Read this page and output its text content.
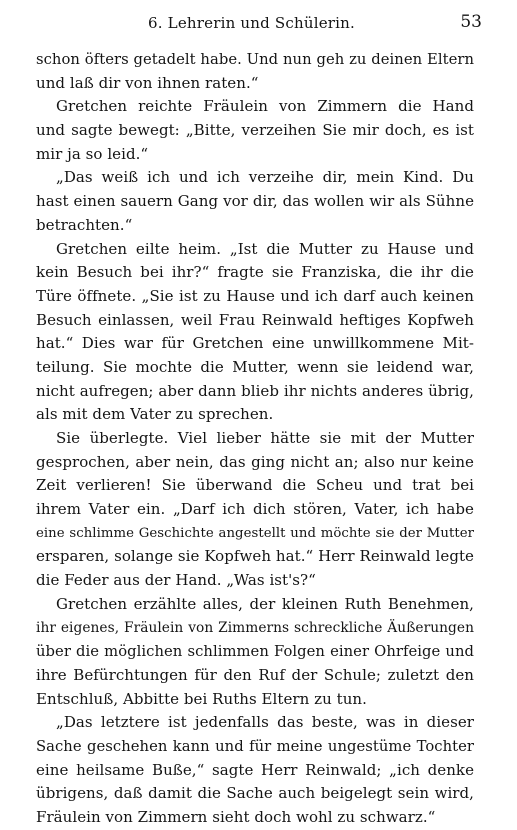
6. Lehrerin und Schülerin.	53
schon öfters getadelt habe. Und nun geh zu deinen Eltern
und laß dir von ihnen raten.“
Gretchen reichte Fräulein von Zimmern die Hand
und sagte bewegt: „Bitte, verzeihen Sie mir doch, es ist
mir ja so leid.“
„Das weiß ich und ich verzeihe dir, mein Kind. Du
hast einen sauern Gang vor dir, das wollen wir als Sühne
betrachten.“
Gretchen eilte heim. „Ist die Mutter zu Hause und
kein Besuch bei ihr?“ fragte sie Franziska, die ihr die
Türe öffnete. „Sie ist zu Hause und ich darf auch keinen
Besuch einlassen, weil Frau Reinwald heftiges Kopfweh
hat.“ Dies war für Gretchen eine unwillkommene Mit-
teilung. Sie mochte die Mutter, wenn sie leidend war,
nicht aufregen; aber dann blieb ihr nichts anderes übrig,
als mit dem Vater zu sprechen.
Sie überlegte. Viel lieber hätte sie mit der Mutter
gesprochen, aber nein, das ging nicht an; also nur keine
Zeit verlieren! Sie überwand die Scheu und trat bei
ihrem Vater ein. „Darf ich dich stören, Vater, ich habe
eine schlimme Geschichte angestellt und möchte sie der Mutter
ersparen, solange sie Kopfweh hat.“ Herr Reinwald legte
die Feder aus der Hand. „Was ist's?“
Gretchen erzählte alles, der kleinen Ruth Benehmen,
ihr eigenes, Fräulein von Zimmerns schreckliche Äußerungen
über die möglichen schlimmen Folgen einer Ohrfeige und
ihre Befürchtungen für den Ruf der Schule; zuletzt den
Entschluß, Abbitte bei Ruths Eltern zu tun.
„Das letztere ist jedenfalls das beste, was in dieser
Sache geschehen kann und für meine ungestüme Tochter
eine heilsame Buße,“ sagte Herr Reinwald; „ich denke
übrigens, daß damit die Sache auch beigelegt sein wird,
Fräulein von Zimmern sieht doch wohl zu schwarz.“
